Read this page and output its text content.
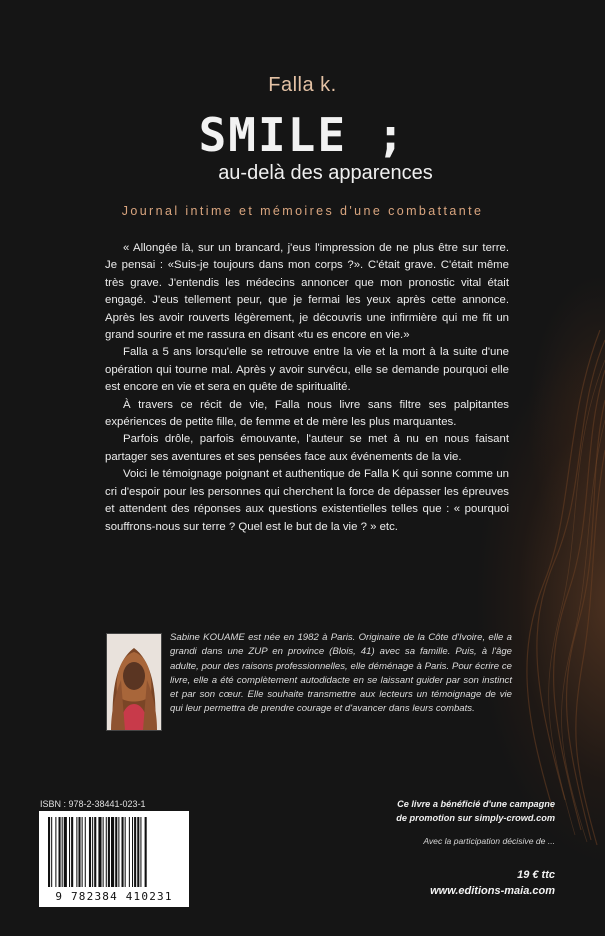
Falla k.
SMILE ;
au-delà des apparences
Journal intime et mémoires d'une combattante

« Allongée là, sur un brancard, j'eus l'impression de ne plus être sur terre. Je pensai : «Suis-je toujours dans mon corps ?». C'était grave. C'était même très grave. J'entendis les médecins annoncer que mon pronostic vital était engagé. J'eus tellement peur, que je fermai les yeux après cette annonce. Après les avoir rouverts légèrement, je découvris une infirmière qui me fit un grand sourire et me rassura en disant «tu es encore en vie.»

Falla a 5 ans lorsqu'elle se retrouve entre la vie et la mort à la suite d'une opération qui tourne mal. Après y avoir survécu, elle se demande pourquoi elle est encore en vie et sera en quête de spiritualité.

À travers ce récit de vie, Falla nous livre sans filtre ses palpitantes expériences de petite fille, de femme et de mère les plus marquantes.

Parfois drôle, parfois émouvante, l'auteur se met à nu en nous faisant partager ses aventures et ses pensées face aux événements de la vie.

Voici le témoignage poignant et authentique de Falla K qui sonne comme un cri d'espoir pour les personnes qui cherchent la force de dépasser les épreuves et attendent des réponses aux questions existentielles telles que : « pourquoi souffrons-nous sur terre ? Quel est le but de la vie ? » etc.

Sabine KOUAME est née en 1982 à Paris. Originaire de la Côte d'Ivoire, elle a grandi dans une ZUP en province (Blois, 41) avec sa famille. Puis, à l'âge adulte, pour des raisons professionnelles, elle déménage à Paris. Pour écrire ce livre, elle a été complètement autodidacte en se laissant guider par son instinct et par son cœur. Elle souhaite transmettre aux lecteurs un témoignage de vie qui leur permettra de prendre courage et d'avancer dans leurs combats.
ISBN : 978-2-38441-023-1
9 782384 410231
Ce livre a bénéficié d'une campagne
de promotion sur simply-crowd.com
Avec la participation décisive de ...
19 € ttc
www.editions-maia.com
